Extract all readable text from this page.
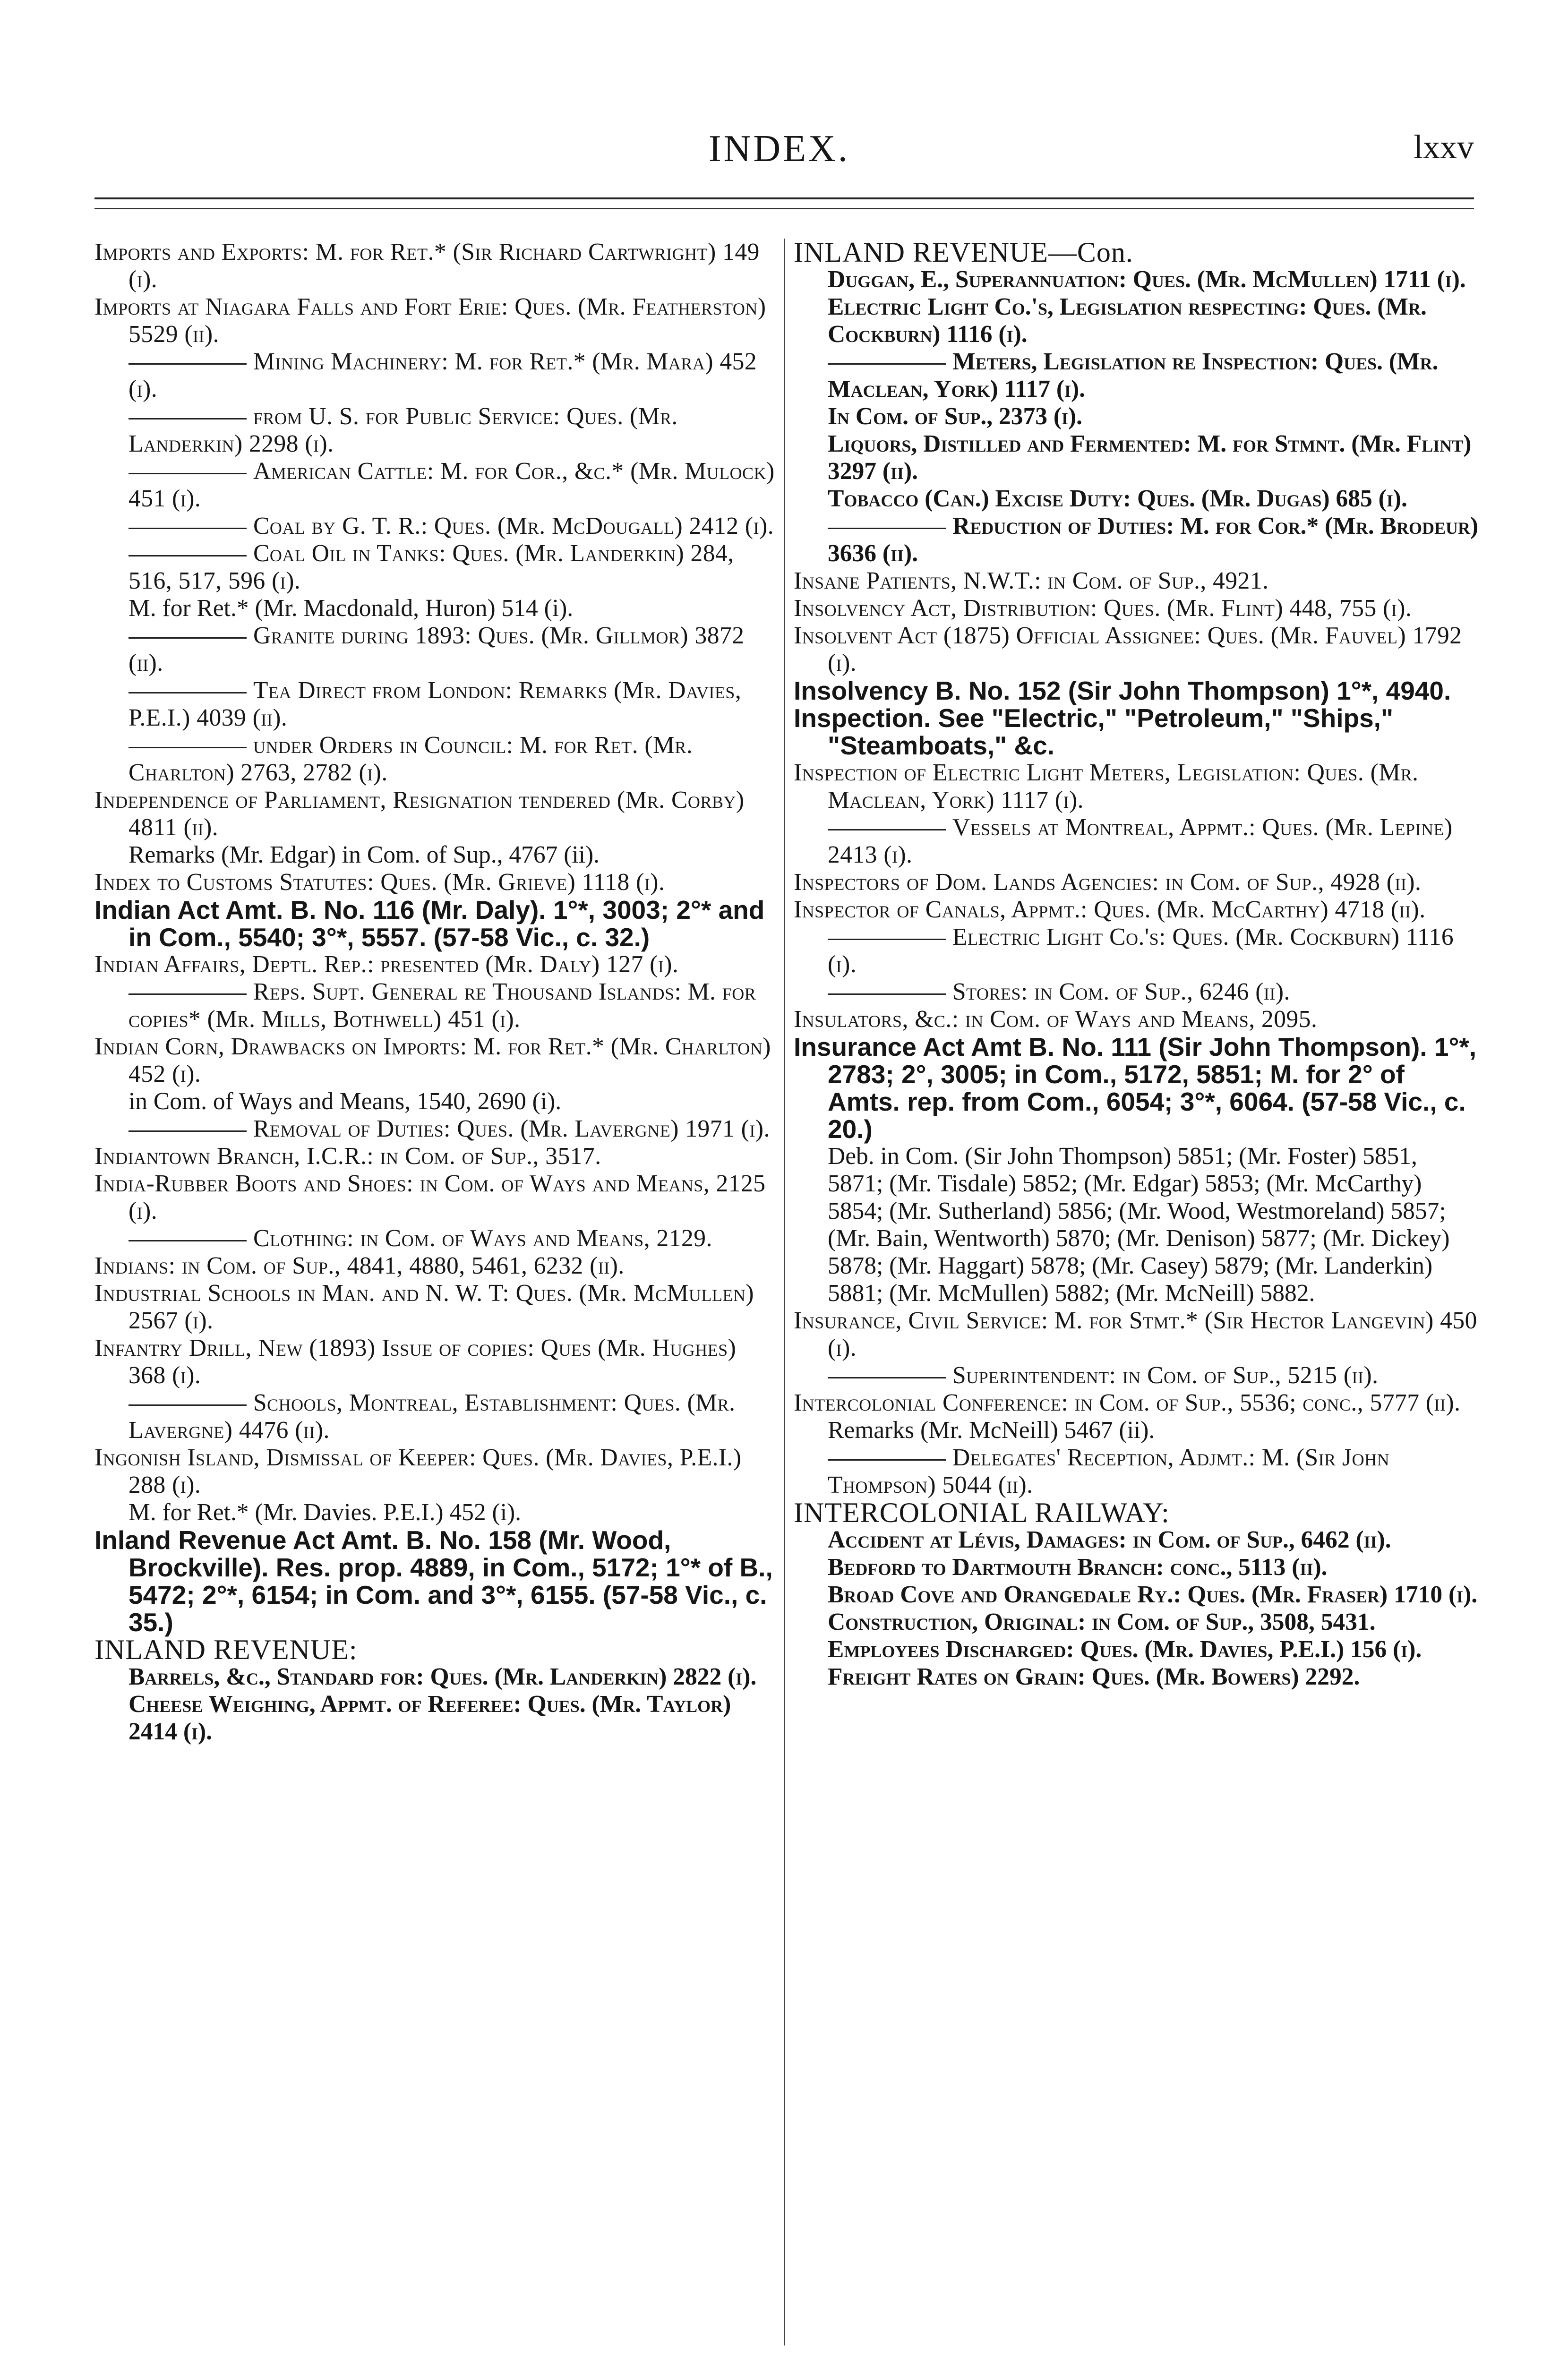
INDEX.	lxxv

Imports and Exports: M. for Ret.* (Sir Richard Cartwright) 149 (i).

Imports at Niagara Falls and Fort Erie: Ques. (Mr. Featherston) 5529 (ii).

Mining Machinery: M. for Ret.* (Mr. Mara) 452 (i).

from U. S. for Public Service: Ques. (Mr. Landerkin) 2298 (i).

American Cattle: M. for Cor., &c.* (Mr. Mulock) 451 (i).

Coal by G. T. R.: Ques. (Mr. McDougall) 2412 (i).

Coal Oil in Tanks: Ques. (Mr. Landerkin) 284, 516, 517, 596 (i).

M. for Ret.* (Mr. Macdonald, Huron) 514 (i).

Granite during 1893: Ques. (Mr. Gillmor) 3872 (ii).

Tea Direct from London: Remarks (Mr. Davies, P.E.I.) 4039 (ii).

under Orders in Council: M. for Ret. (Mr. Charlton) 2763, 2782 (i).

Independence of Parliament, Resignation tendered (Mr. Corby) 4811 (ii).

Remarks (Mr. Edgar) in Com. of Sup., 4767 (ii).

Index to Customs Statutes: Ques. (Mr. Grieve) 1118 (i).

Indian Act Amt. B. No. 116 (Mr. Daly). 1°*, 3003; 2°* and in Com., 5540; 3°*, 5557. (57-58 Vic., c. 32.)

Indian Affairs, Deptl. Rep.: presented (Mr. Daly) 127 (i).

Reps. Supt. General re Thousand Islands: M. for copies* (Mr. Mills, Bothwell) 451 (i).

Indian Corn, Drawbacks on Imports: M. for Ret.* (Mr. Charlton) 452 (i).

in Com. of Ways and Means, 1540, 2690 (i).

Removal of Duties: Ques. (Mr. Lavergne) 1971 (i).

Indiantown Branch, I.C.R.: in Com. of Sup., 3517.

India-Rubber Boots and Shoes: in Com. of Ways and Means, 2125 (i).

Clothing: in Com. of Ways and Means, 2129.

Indians: in Com. of Sup., 4841, 4880, 5461, 6232 (ii).

Industrial Schools in Man. and N. W. T: Ques. (Mr. McMullen) 2567 (i).

Infantry Drill, New (1893) Issue of copies: Ques (Mr. Hughes) 368 (i).

Schools, Montreal, Establishment: Ques. (Mr. Lavergne) 4476 (ii).

Ingonish Island, Dismissal of Keeper: Ques. (Mr. Davies, P.E.I.) 288 (i).

M. for Ret.* (Mr. Davies. P.E.I.) 452 (i).

Inland Revenue Act Amt. B. No. 158 (Mr. Wood, Brockville). Res. prop. 4889, in Com., 5172; 1°* of B., 5472; 2°*, 6154; in Com. and 3°*, 6155. (57-58 Vic., c. 35.)

INLAND REVENUE:

Barrels, &c., Standard for: Ques. (Mr. Landerkin) 2822 (i).

Cheese Weighing, Appmt. of Referee: Ques. (Mr. Taylor) 2414 (i).

INLAND REVENUE—Con.

Duggan, E., Superannuation: Ques. (Mr. McMullen) 1711 (i).

Electric Light Co.'s, Legislation respecting: Ques. (Mr. Cockburn) 1116 (i).

Meters, Legislation re Inspection: Ques. (Mr. Maclean, York) 1117 (i).

In Com. of Sup., 2373 (i).

Liquors, Distilled and Fermented: M. for Stmnt. (Mr. Flint) 3297 (ii).

Tobacco (Can.) Excise Duty: Ques. (Mr. Dugas) 685 (i).

Reduction of Duties: M. for Cor.* (Mr. Brodeur) 3636 (ii).

Insane Patients, N.W.T.: in Com. of Sup., 4921.

Insolvency Act, Distribution: Ques. (Mr. Flint) 448, 755 (i).

Insolvent Act (1875) Official Assignee: Ques. (Mr. Fauvel) 1792 (i).

Insolvency B. No. 152 (Sir John Thompson) 1°*, 4940.

Inspection. See "Electric," "Petroleum," "Ships," "Steamboats," &c.

Inspection of Electric Light Meters, Legislation: Ques. (Mr. Maclean, York) 1117 (i).

Vessels at Montreal, Appmt.: Ques. (Mr. Lepine) 2413 (i).

Inspectors of Dom. Lands Agencies: in Com. of Sup., 4928 (ii).

Inspector of Canals, Appmt.: Ques. (Mr. McCarthy) 4718 (ii).

Electric Light Co.'s: Ques. (Mr. Cockburn) 1116 (i).

Stores: in Com. of Sup., 6246 (ii).

Insulators, &c.: in Com. of Ways and Means, 2095.

Insurance Act Amt B. No. 111 (Sir John Thompson). 1°*, 2783; 2°, 3005; in Com., 5172, 5851; M. for 2° of Amts. rep. from Com., 6054; 3°*, 6064. (57-58 Vic., c. 20.)

Deb. in Com. (Sir John Thompson) 5851; (Mr. Foster) 5851, 5871; (Mr. Tisdale) 5852; (Mr. Edgar) 5853; (Mr. McCarthy) 5854; (Mr. Sutherland) 5856; (Mr. Wood, Westmoreland) 5857; (Mr. Bain, Wentworth) 5870; (Mr. Denison) 5877; (Mr. Dickey) 5878; (Mr. Haggart) 5878; (Mr. Casey) 5879; (Mr. Landerkin) 5881; (Mr. McMullen) 5882; (Mr. McNeill) 5882.

Insurance, Civil Service: M. for Stmt.* (Sir Hector Langevin) 450 (i).

Superintendent: in Com. of Sup., 5215 (ii).

Intercolonial Conference: in Com. of Sup., 5536; conc., 5777 (ii).

Remarks (Mr. McNeill) 5467 (ii).

Delegates' Reception, Adjmt.: M. (Sir John Thompson) 5044 (ii).

INTERCOLONIAL RAILWAY:

Accident at Lévis, Damages: in Com. of Sup., 6462 (ii).

Bedford to Dartmouth Branch: conc., 5113 (ii).

Broad Cove and Orangedale Ry.: Ques. (Mr. Fraser) 1710 (i).

Construction, Original: in Com. of Sup., 3508, 5431.

Employees Discharged: Ques. (Mr. Davies, P.E.I.) 156 (i).

Freight Rates on Grain: Ques. (Mr. Bowers) 2292.
